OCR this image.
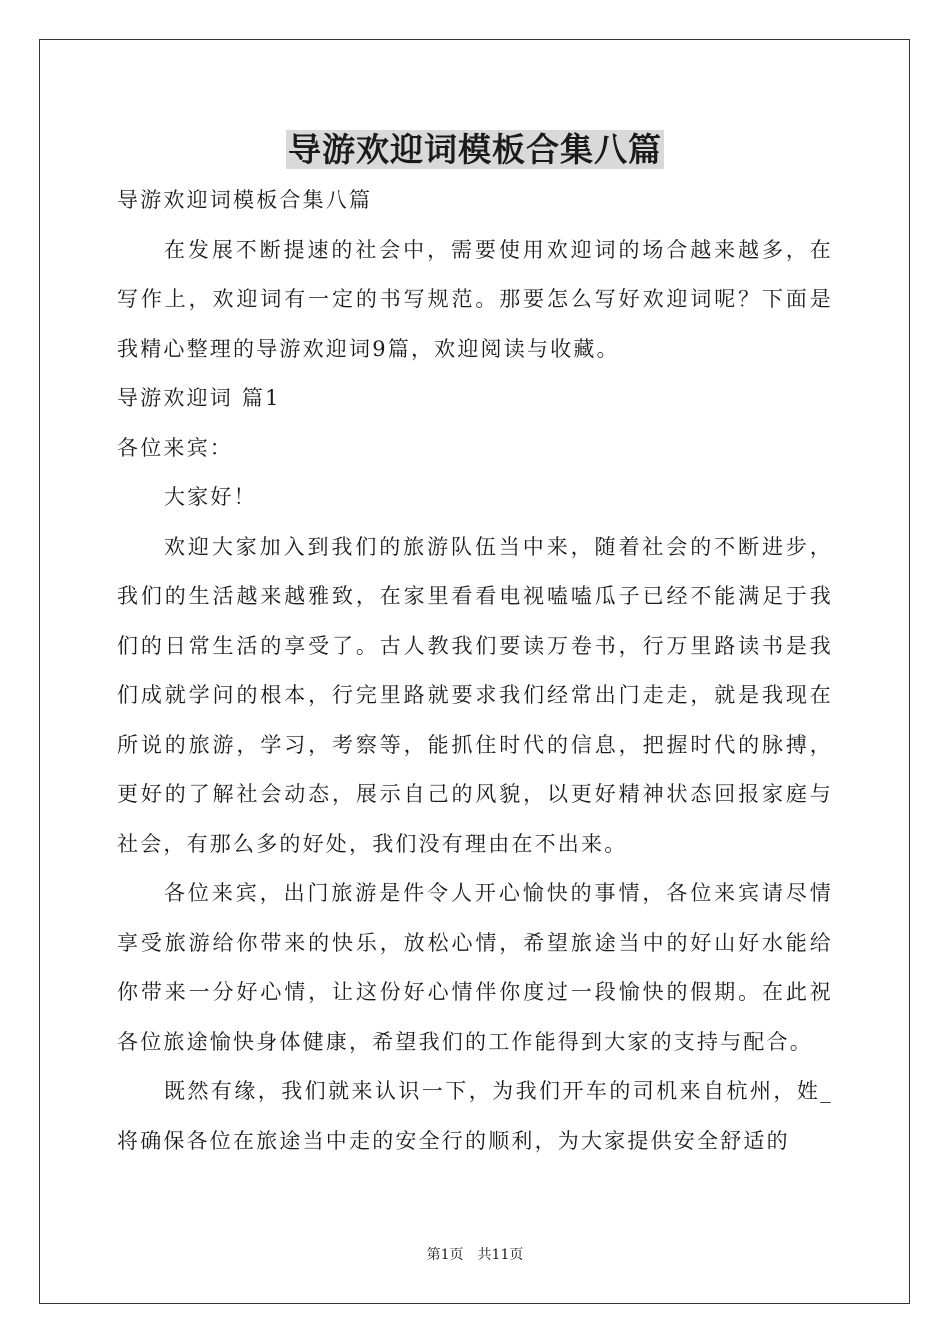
导游欢迎词模板合集八篇

导游欢迎词模板合集八篇

在发展不断提速的社会中，需要使用欢迎词的场合越来越多，在写作上，欢迎词有一定的书写规范。那要怎么写好欢迎词呢？下面是我精心整理的导游欢迎词9篇，欢迎阅读与收藏。

导游欢迎词 篇1

各位来宾：

大家好！

欢迎大家加入到我们的旅游队伍当中来，随着社会的不断进步，我们的生活越来越雅致，在家里看看电视嗑嗑瓜子已经不能满足于我们的日常生活的享受了。古人教我们要读万卷书，行万里路读书是我们成就学问的根本，行完里路就要求我们经常出门走走，就是我现在所说的旅游，学习，考察等，能抓住时代的信息，把握时代的脉搏，更好的了解社会动态，展示自己的风貌，以更好精神状态回报家庭与社会，有那么多的好处，我们没有理由在不出来。

各位来宾，出门旅游是件令人开心愉快的事情，各位来宾请尽情享受旅游给你带来的快乐，放松心情，希望旅途当中的好山好水能给你带来一分好心情，让这份好心情伴你度过一段愉快的假期。在此祝各位旅途愉快身体健康，希望我们的工作能得到大家的支持与配合。

既然有缘，我们就来认识一下，为我们开车的司机来自杭州，姓_将确保各位在旅途当中走的安全行的顺利，为大家提供安全舒适的

第1页　共11页
